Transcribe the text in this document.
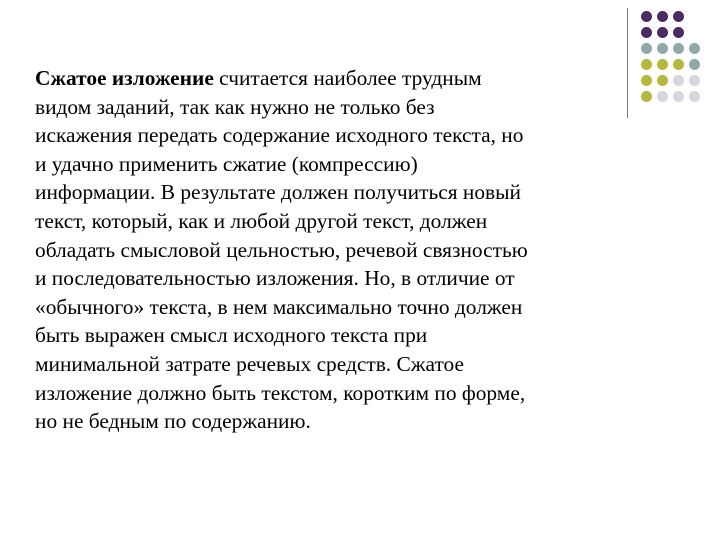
Сжатое изложение считается наиболее трудным
видом заданий, так как нужно не только без
искажения передать содержание исходного текста, но
и удачно применить сжатие (компрессию)
информации. В результате должен получиться новый
текст, который, как и любой другой текст, должен
обладать смысловой цельностью, речевой связностью
и последовательностью изложения. Но, в отличие от
«обычного» текста, в нем максимально точно должен
быть выражен смысл исходного текста при
минимальной затрате речевых средств. Сжатое
изложение должно быть текстом, коротким по форме,
но не бедным по содержанию.
